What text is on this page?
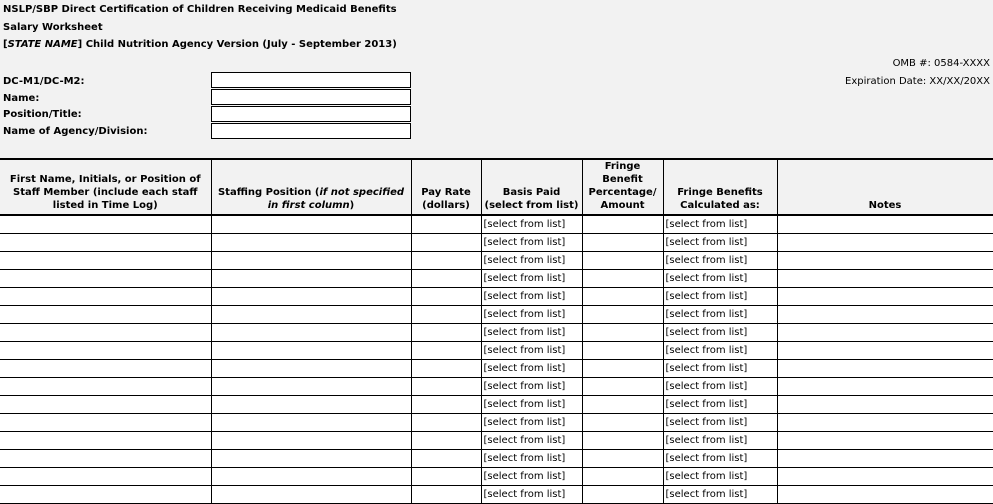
NSLP/SBP Direct Certification of Children Receiving Medicaid Benefits
Salary Worksheet
[STATE NAME] Child Nutrition Agency Version (July - September 2013)
OMB #: 0584-XXXX
Expiration Date: XX/XX/20XX
DC-M1/DC-M2:
Name:
Position/Title:
Name of Agency/Division:
First Name, Initials, or Position of Staff Member (include each staff listed in Time Log)	Staffing Position (if not specified in first column)	Pay Rate (dollars)	Basis Paid (select from list)	Fringe Benefit Percentage/ Amount	Fringe Benefits Calculated as:	Notes
			[select from list]		[select from list]	
			[select from list]		[select from list]	
			[select from list]		[select from list]	
			[select from list]		[select from list]	
			[select from list]		[select from list]	
			[select from list]		[select from list]	
			[select from list]		[select from list]	
			[select from list]		[select from list]	
			[select from list]		[select from list]	
			[select from list]		[select from list]	
			[select from list]		[select from list]	
			[select from list]		[select from list]	
			[select from list]		[select from list]	
			[select from list]		[select from list]	
			[select from list]		[select from list]	
			[select from list]		[select from list]	
